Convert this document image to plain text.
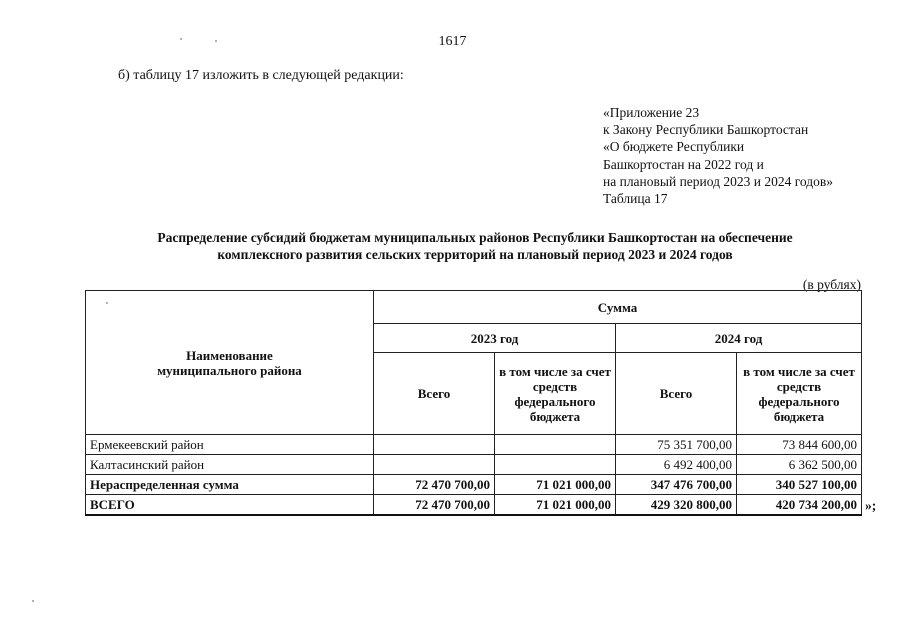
1617
б) таблицу 17 изложить в следующей редакции:
«Приложение 23
к Закону Республики Башкортостан
«О бюджете Республики
Башкортостан на 2022 год и
на плановый период 2023 и 2024 годов»
Таблица 17
Распределение субсидий бюджетам муниципальных районов Республики Башкортостан на обеспечение
комплексного развития сельских территорий на плановый период 2023 и 2024 годов
(в рублях)
Наименование муниципального района	Сумма			
	2023 год		2024 год	
	Всего	в том числе за счет средств федерального бюджета	Всего	в том числе за счет средств федерального бюджета
Ермекеевский район			75 351 700,00	73 844 600,00
Калтасинский район			6 492 400,00	6 362 500,00
Нераспределенная сумма	72 470 700,00	71 021 000,00	347 476 700,00	340 527 100,00
ВСЕГО	72 470 700,00	71 021 000,00	429 320 800,00	420 734 200,00 »;
